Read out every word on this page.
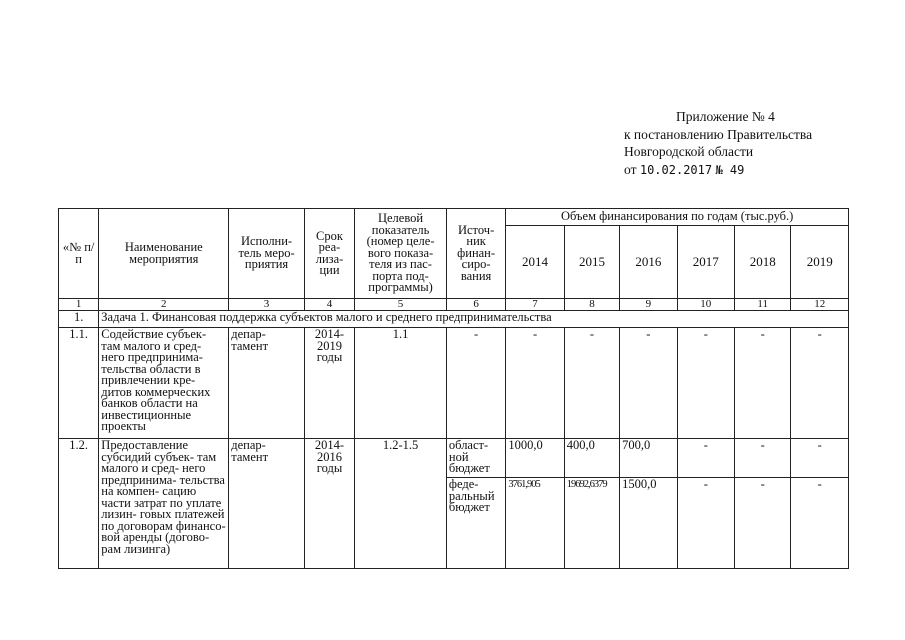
Приложение № 4
к постановлению Правительства
Новгородской области
от 10.02.2017 № 49
«№ п/п	Наименование мероприятия	Исполни- тель меро- приятия	Срок реа- лиза- ции	Целевой показатель (номер целе- вого показа- теля из пас- порта под- программы)	Источ- ник финан- сиро- вания	Объем финансирования по годам (тыс.руб.)					
						2014	2015	2016	2017	2018	2019
1	2	3	4	5	6	7	8	9	10	11	12
1.	Задача 1. Финансовая поддержка субъектов малого и среднего предпринимательства										
1.1.	Содействие субъек- там малого и сред- него предпринима- тельства области в привлечении кре- дитов коммерческих банков области на инвестиционные проекты	депар- тамент	2014- 2019 годы	1.1	-	-	-	-	-	-	-
1.2.	Предоставление субсидий субъек- там малого и сред- него предпринима- тельства на компен- сацию части затрат по уплате лизин- говых платежей по договорам финансо- вой аренды (догово- рам лизинга)	депар- тамент	2014- 2016 годы	1.2-1.5	област- ной бюджет	1000,0	400,0	700,0	-	-	-
					феде- ральный бюджет	3761,905	19692,6379	1500,0	-	-	-
